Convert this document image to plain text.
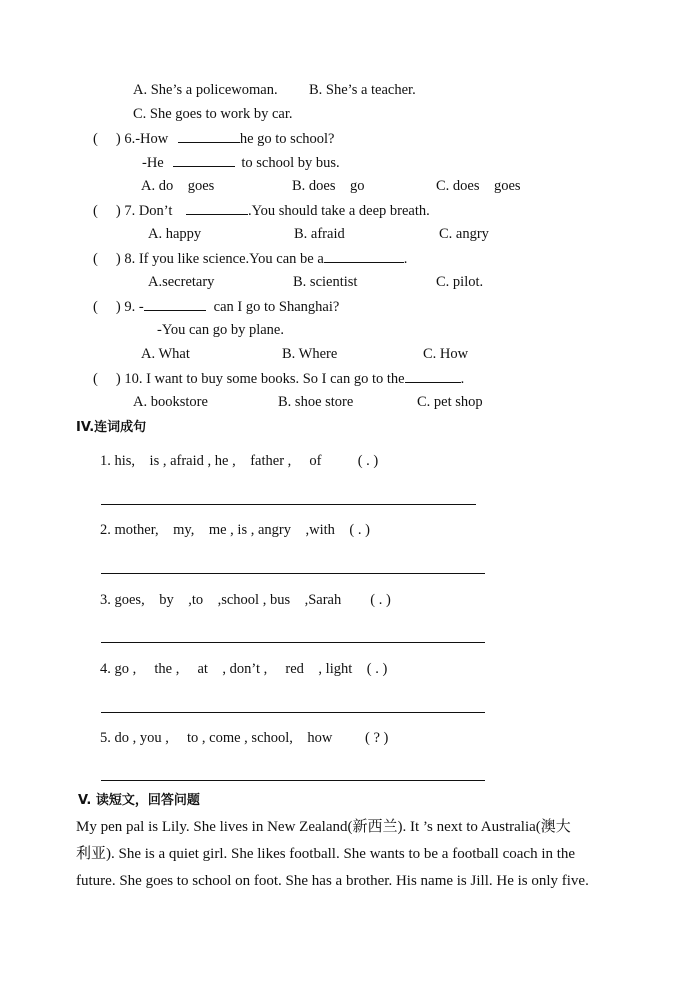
A. She’s a policewoman. B. She’s a teacher.
C. She goes to work by car.
( ) 6.-How	he go to school?
-He	to school by bus.
A. do    goes	B. does    go	C. does    goes
( ) 7. Don’t	.You should take a deep breath.
A. happy	B. afraid	C. angry
( ) 8. If you like science.You can be a	.
A.secretary	B. scientist	C. pilot.
( ) 9. -	can I go to Shanghai?
-You can go by plane.
A. What	B. Where	C. How
( ) 10. I want to buy some books. So I can go to the	.
A. bookstore	B. shoe store	C. pet shop
IV.连词成句
1. his,    is , afraid , he ,    father ,     of          ( . )
2. mother,    my,    me , is , angry    ,with    ( . )
3. goes,    by    ,to    ,school , bus    ,Sarah        ( . )
4. go ,     the ,     at    , don’t ,     red    , light    ( . )
5. do , you ,     to , come , school,    how         ( ? )
V. 读短文，回答问题
My pen pal is Lily. She lives in New Zealand(新西兰). It ’s next to Australia(澳大
利亚). She is a quiet girl. She likes football. She wants to be a football coach in the
future. She goes to school on foot. She has a brother. His name is Jill. He is only five.
